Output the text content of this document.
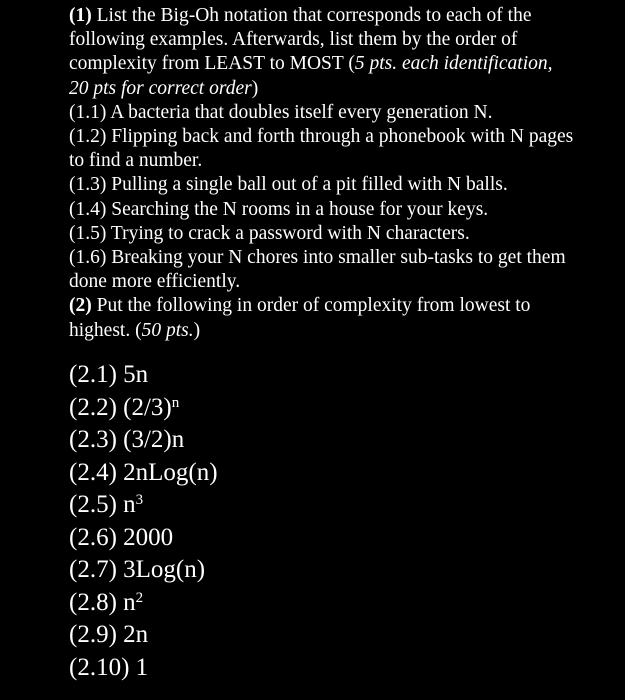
(1) List the Big-Oh notation that corresponds to each of the

following examples. Afterwards, list them by the order of

complexity from LEAST to MOST (5 pts. each identification,

20 pts for correct order)

(1.1) A bacteria that doubles itself every generation N.

(1.2) Flipping back and forth through a phonebook with N pages

to find a number.

(1.3) Pulling a single ball out of a pit filled with N balls.

(1.4) Searching the N rooms in a house for your keys.

(1.5) Trying to crack a password with N characters.

(1.6) Breaking your N chores into smaller sub-tasks to get them

done more efficiently.

(2) Put the following in order of complexity from lowest to

highest. (50 pts.)

(2.1) 5n

(2.2) $(2/3)^n$

(2.3) (3/2)n

(2.4) 2nLog(n)

(2.5) $n^3$

(2.6) 2000

(2.7) 3Log(n)

(2.8) $n^2$

(2.9) 2n

(2.10) 1
